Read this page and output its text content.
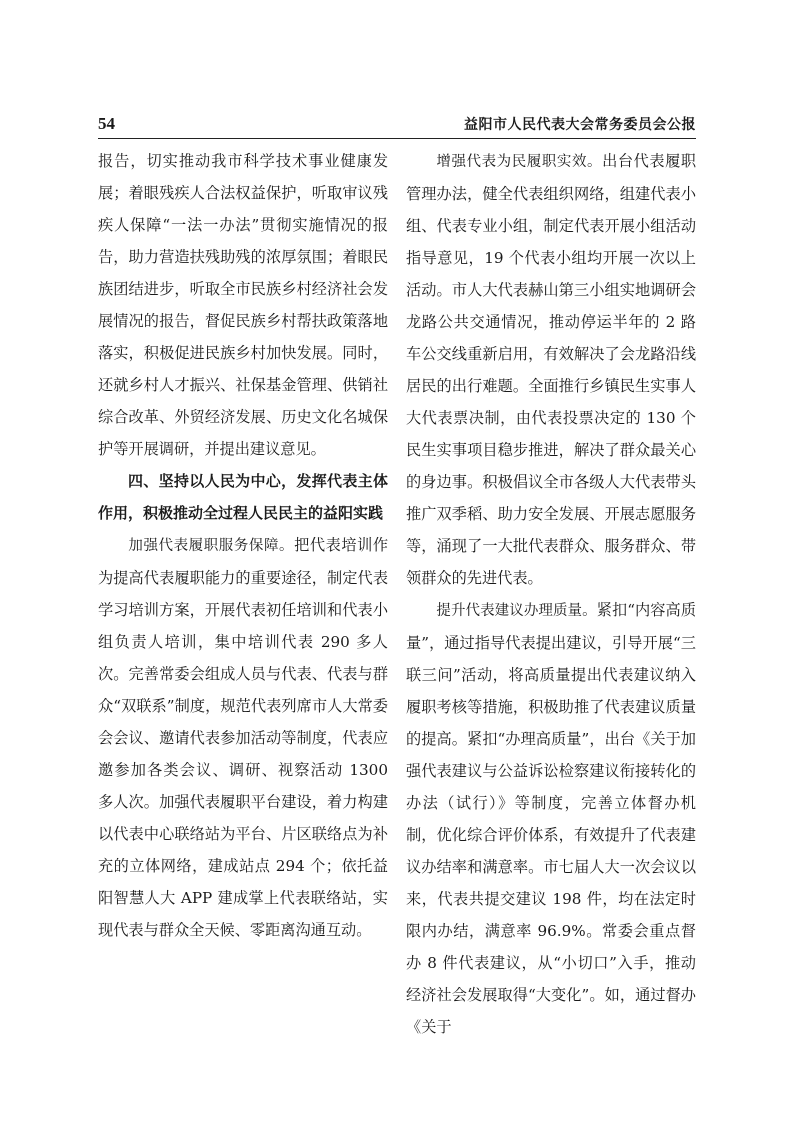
54	益阳市人民代表大会常务委员会公报

报告，切实推动我市科学技术事业健康发展；着眼残疾人合法权益保护，听取审议残疾人保障“一法一办法”贯彻实施情况的报告，助力营造扶残助残的浓厚氛围；着眼民族团结进步，听取全市民族乡村经济社会发展情况的报告，督促民族乡村帮扶政策落地落实，积极促进民族乡村加快发展。同时，还就乡村人才振兴、社保基金管理、供销社综合改革、外贸经济发展、历史文化名城保护等开展调研，并提出建议意见。

四、坚持以人民为中心，发挥代表主体作用，积极推动全过程人民民主的益阳实践

加强代表履职服务保障。把代表培训作为提高代表履职能力的重要途径，制定代表学习培训方案，开展代表初任培训和代表小组负责人培训，集中培训代表 290 多人次。完善常委会组成人员与代表、代表与群众“双联系”制度，规范代表列席市人大常委会会议、邀请代表参加活动等制度，代表应邀参加各类会议、调研、视察活动 1300 多人次。加强代表履职平台建设，着力构建以代表中心联络站为平台、片区联络点为补充的立体网络，建成站点 294 个；依托益阳智慧人大 APP 建成掌上代表联络站，实现代表与群众全天候、零距离沟通互动。

增强代表为民履职实效。出台代表履职管理办法，健全代表组织网络，组建代表小组、代表专业小组，制定代表开展小组活动指导意见，19 个代表小组均开展一次以上活动。市人大代表赫山第三小组实地调研会龙路公共交通情况，推动停运半年的 2 路车公交线重新启用，有效解决了会龙路沿线居民的出行难题。全面推行乡镇民生实事人大代表票决制，由代表投票决定的 130 个民生实事项目稳步推进，解决了群众最关心的身边事。积极倡议全市各级人大代表带头推广双季稻、助力安全发展、开展志愿服务等，涌现了一大批代表群众、服务群众、带领群众的先进代表。

提升代表建议办理质量。紧扣“内容高质量”，通过指导代表提出建议，引导开展“三联三问”活动，将高质量提出代表建议纳入履职考核等措施，积极助推了代表建议质量的提高。紧扣“办理高质量”，出台《关于加强代表建议与公益诉讼检察建议衔接转化的办法（试行）》等制度，完善立体督办机制，优化综合评价体系，有效提升了代表建议办结率和满意率。市七届人大一次会议以来，代表共提交建议 198 件，均在法定时限内办结，满意率 96.9%。常委会重点督办 8 件代表建议，从“小切口”入手，推动经济社会发展取得“大变化”。如，通过督办《关于
